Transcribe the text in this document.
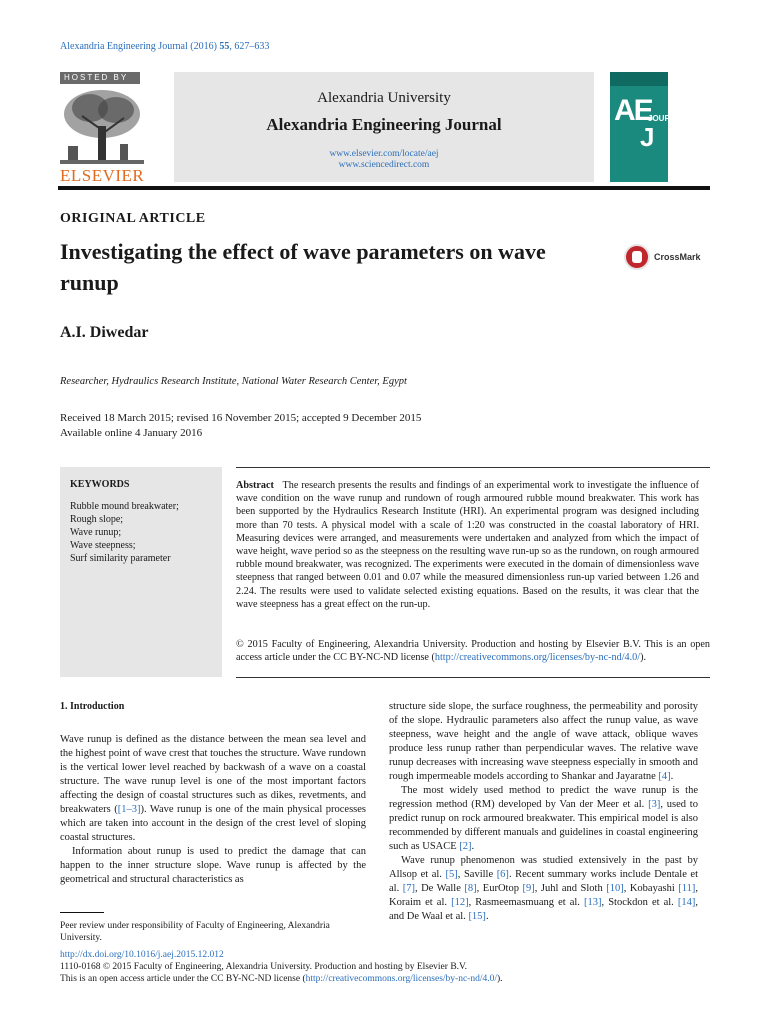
Alexandria Engineering Journal (2016) 55, 627–633
HOSTED BY
ELSEVIER
Alexandria University
Alexandria Engineering Journal
www.elsevier.com/locate/aej
www.sciencedirect.com
AE
J
JOURNAL
ORIGINAL ARTICLE
Investigating the effect of wave parameters on wave runup
CrossMark
A.I. Diwedar
Researcher, Hydraulics Research Institute, National Water Research Center, Egypt
Received 18 March 2015; revised 16 November 2015; accepted 9 December 2015
Available online 4 January 2016
KEYWORDS
Rubble mound breakwater;
Rough slope;
Wave runup;
Wave steepness;
Surf similarity parameter
Abstract The research presents the results and findings of an experimental work to investigate the influence of wave condition on the wave runup and rundown of rough armoured rubble mound breakwater. This work has been supported by the Hydraulics Research Institute (HRI). An experimental program was designed including more than 70 tests. A physical model with a scale of 1:20 was constructed in the coastal laboratory of HRI. Measuring devices were arranged, and measurements were undertaken and analyzed from which the impact of wave height, wave period so as the steepness on the resulting wave run-up so as the rundown, on rough armoured rubble mound breakwater, was recognized. The experiments were executed in the domain of dimensionless wave steepness that ranged between 0.01 and 0.07 while the measured dimensionless run-up varied between 1.26 and 2.24. The results were used to validate selected existing equations. Based on the results, it was clear that the wave steepness has a great effect on the run-up.
© 2015 Faculty of Engineering, Alexandria University. Production and hosting by Elsevier B.V. This is an open access article under the CC BY-NC-ND license (http://creativecommons.org/licenses/by-nc-nd/4.0/).
1. Introduction

Wave runup is defined as the distance between the mean sea level and the highest point of wave crest that touches the structure. Wave rundown is the vertical lower level reached by backwash of a wave on a coastal structure. The wave runup level is one of the most important factors affecting the design of coastal structures such as dikes, revetments, and breakwaters ([1–3]). Wave runup is one of the main physical processes which are taken into account in the design of the crest level of sloping coastal structures.

Information about runup is used to predict the damage that can happen to the inner structure slope. Wave runup is affected by the geometrical and structural characteristics as

structure side slope, the surface roughness, the permeability and porosity of the slope. Hydraulic parameters also affect the runup value, as wave steepness, wave height and the angle of wave attack, oblique waves produce less runup rather than perpendicular waves. The relative wave runup decreases with increasing wave steepness especially in smooth and rough impermeable models according to Shankar and Jayaratne [4].

The most widely used method to predict the wave runup is the regression method (RM) developed by Van der Meer et al. [3], used to predict runup on rock armoured breakwater. This empirical model is also recommended by different manuals and guidelines in coastal engineering such as USACE [2].

Wave runup phenomenon was studied extensively in the past by Allsop et al. [5], Saville [6]. Recent summary works include Dentale et al. [7], De Walle [8], EurOtop [9], Juhl and Sloth [10], Kobayashi [11], Koraim et al. [12], Rasmeemasmuang et al. [13], Stockdon et al. [14], and De Waal et al. [15].

Peer review under responsibility of Faculty of Engineering, Alexandria University.
http://dx.doi.org/10.1016/j.aej.2015.12.012
1110-0168 © 2015 Faculty of Engineering, Alexandria University. Production and hosting by Elsevier B.V.
This is an open access article under the CC BY-NC-ND license (http://creativecommons.org/licenses/by-nc-nd/4.0/).
